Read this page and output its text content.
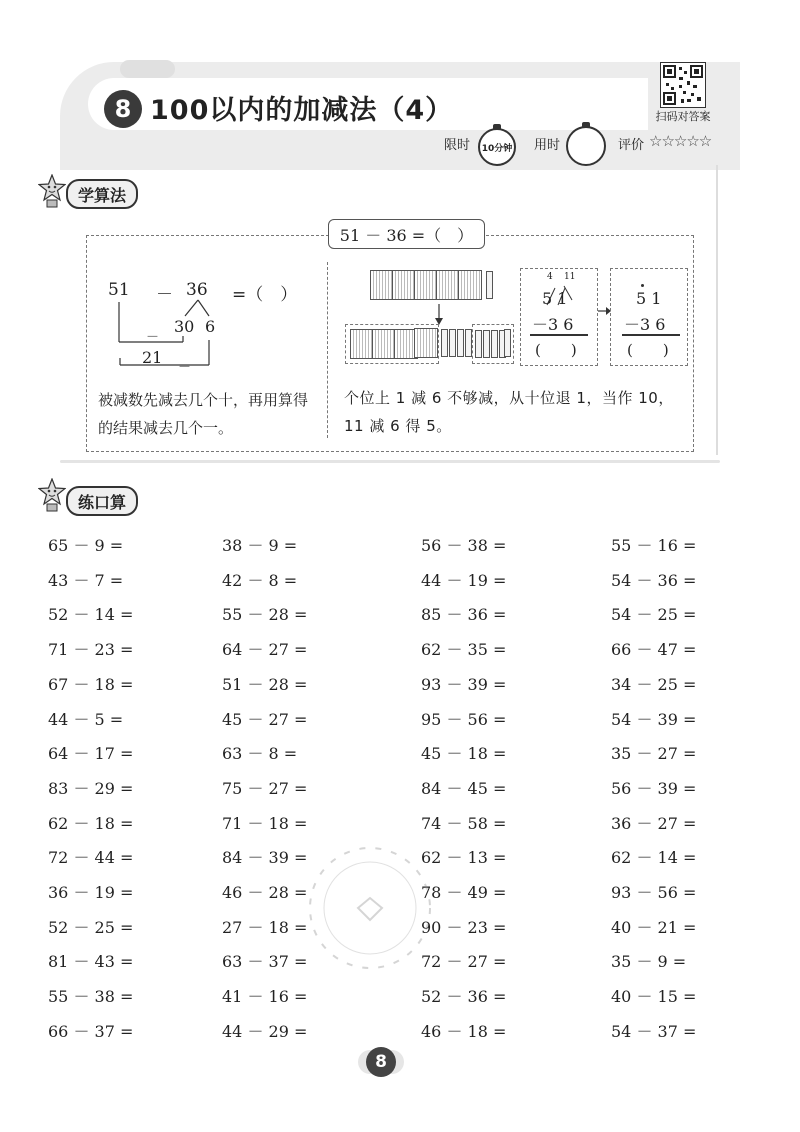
8 100以内的加减法（4）	扫码对答案
限时 10分钟 用时	评价 ☆☆☆☆☆
学算法
51 － 36 =（　）
51 － 36 =（　）
30 6
－
21
－
被减数先减去几个十，再用算得的结果减去几个一。
4 11
5 1
－3 6
(　　)
5 1
－3 6
(　　)
个位上 1 减 6 不够减，从十位退 1，当作 10，11 减 6 得 5。
练口算
65 － 9 =	38 － 9 =	56 － 38 =	55 － 16 =
43 － 7 =	42 － 8 =	44 － 19 =	54 － 36 =
52 － 14 =	55 － 28 =	85 － 36 =	54 － 25 =
71 － 23 =	64 － 27 =	62 － 35 =	66 － 47 =
67 － 18 =	51 － 28 =	93 － 39 =	34 － 25 =
44 － 5 =	45 － 27 =	95 － 56 =	54 － 39 =
64 － 17 =	63 － 8 =	45 － 18 =	35 － 27 =
83 － 29 =	75 － 27 =	84 － 45 =	56 － 39 =
62 － 18 =	71 － 18 =	74 － 58 =	36 － 27 =
72 － 44 =	84 － 39 =	62 － 13 =	62 － 14 =
36 － 19 =	46 － 28 =	78 － 49 =	93 － 56 =
52 － 25 =	27 － 18 =	90 － 23 =	40 － 21 =
81 － 43 =	63 － 37 =	72 － 27 =	35 － 9 =
55 － 38 =	41 － 16 =	52 － 36 =	40 － 15 =
66 － 37 =	44 － 29 =	46 － 18 =	54 － 37 =
8
